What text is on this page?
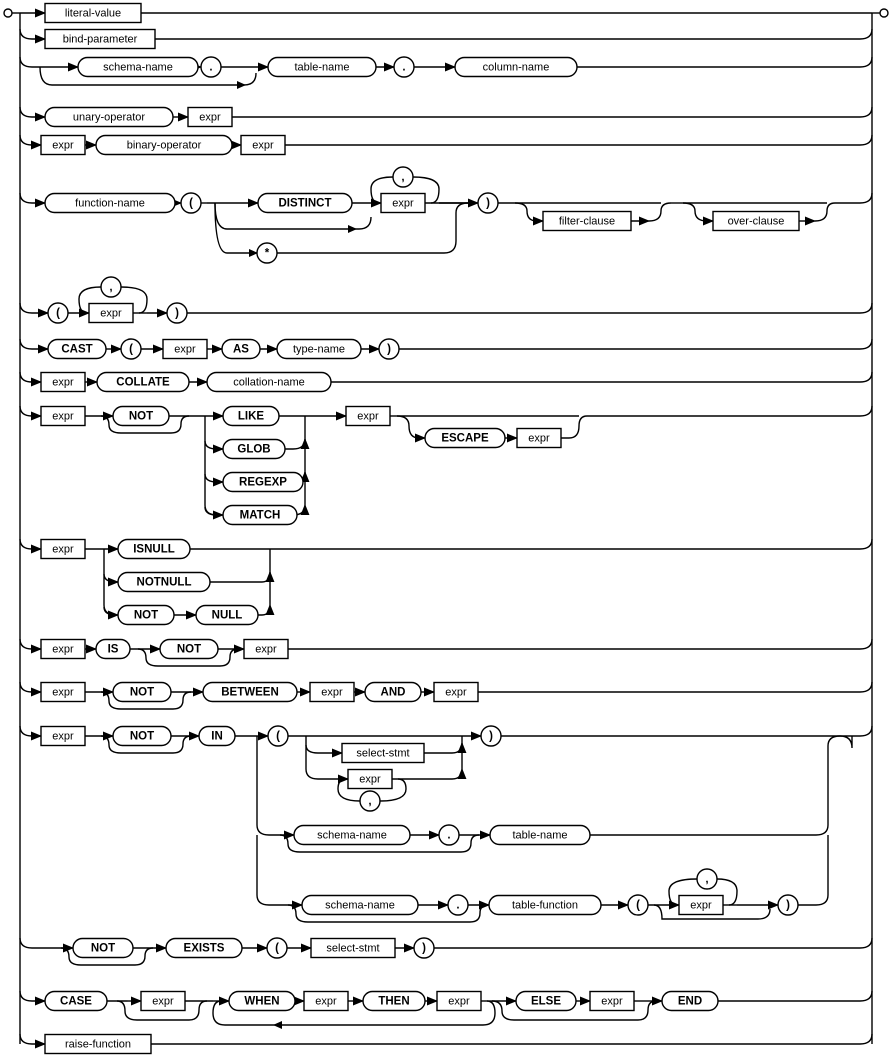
literal-value
bind-parameter
schema-name	.	table-name	.	column-name
unary-operator	expr
expr	binary-operator	expr
function-name	(	DISTINCT	expr
,
*
)
filter-clause	over-clause
(	expr
,
)
CAST	(	expr	AS	type-name	)
expr	COLLATE	collation-name
expr	NOT	LIKE
GLOB
REGEXP
MATCH
expr
ESCAPE	expr
expr	ISNULL
NOTNULL
NOT	NULL
expr	IS	NOT	expr
expr	NOT	BETWEEN	expr	AND	expr
expr	NOT	IN	(
select-stmt
expr
,
)
schema-name	.	table-name
schema-name	.	table-function	(	expr
,
)
NOT	EXISTS	(	select-stmt	)
CASE	expr	WHEN	expr	THEN	expr	ELSE	expr	END
raise-function
